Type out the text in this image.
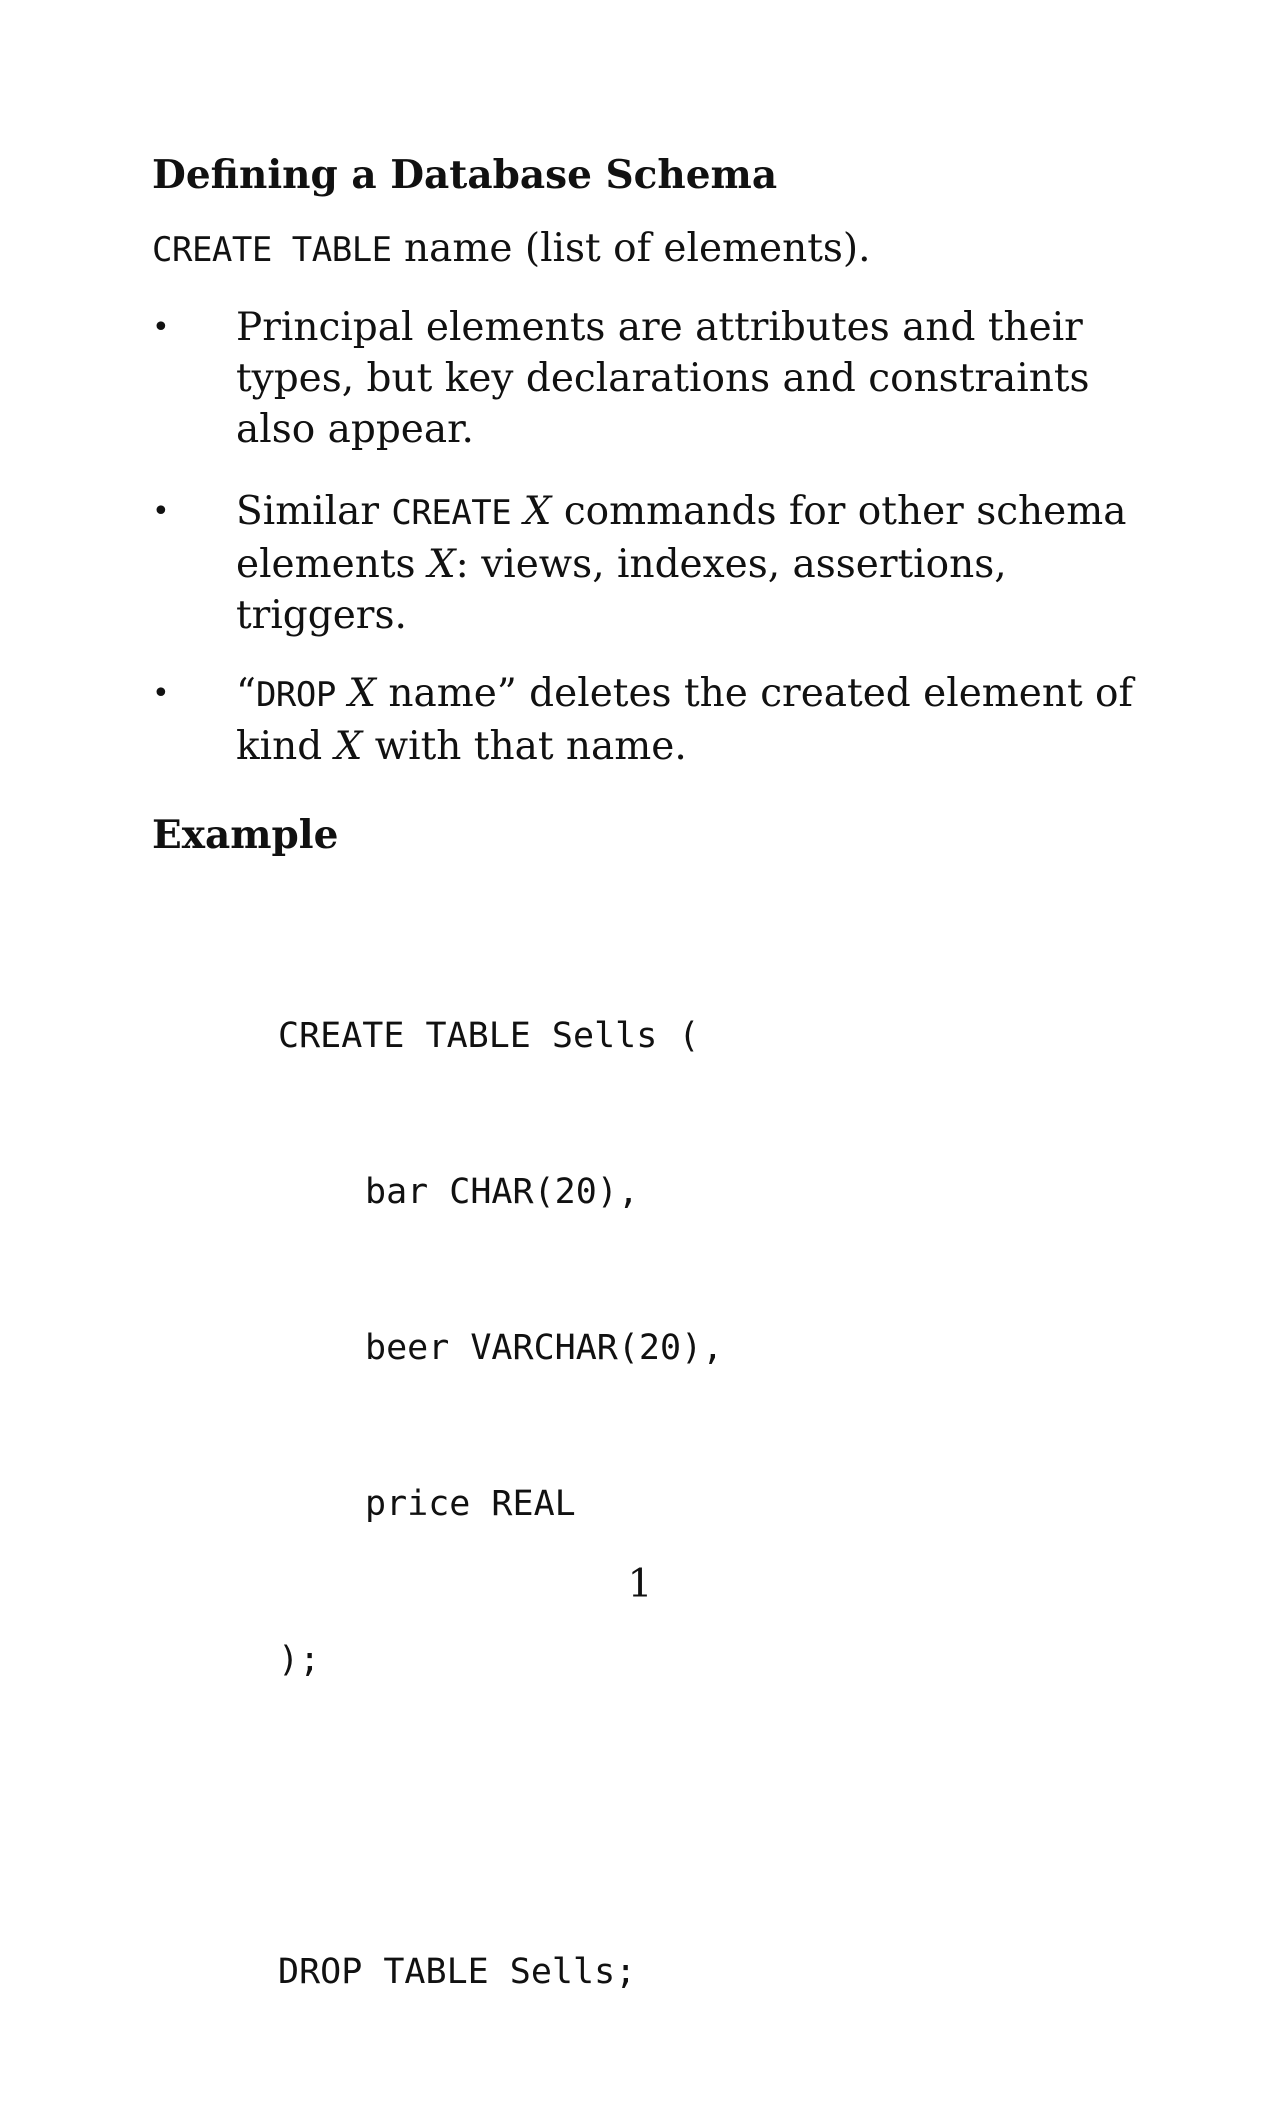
Defining a Database Schema
CREATE TABLE name (list of elements).
• Principal elements are attributes and their types, but key declarations and constraints also appear.
• Similar CREATE X commands for other schema elements X: views, indexes, assertions, triggers.
• “DROP X name” deletes the created element of kind X with that name.
Example

CREATE TABLE Sells (

bar CHAR(20),

beer VARCHAR(20),

price REAL

);

DROP TABLE Sells;

1
